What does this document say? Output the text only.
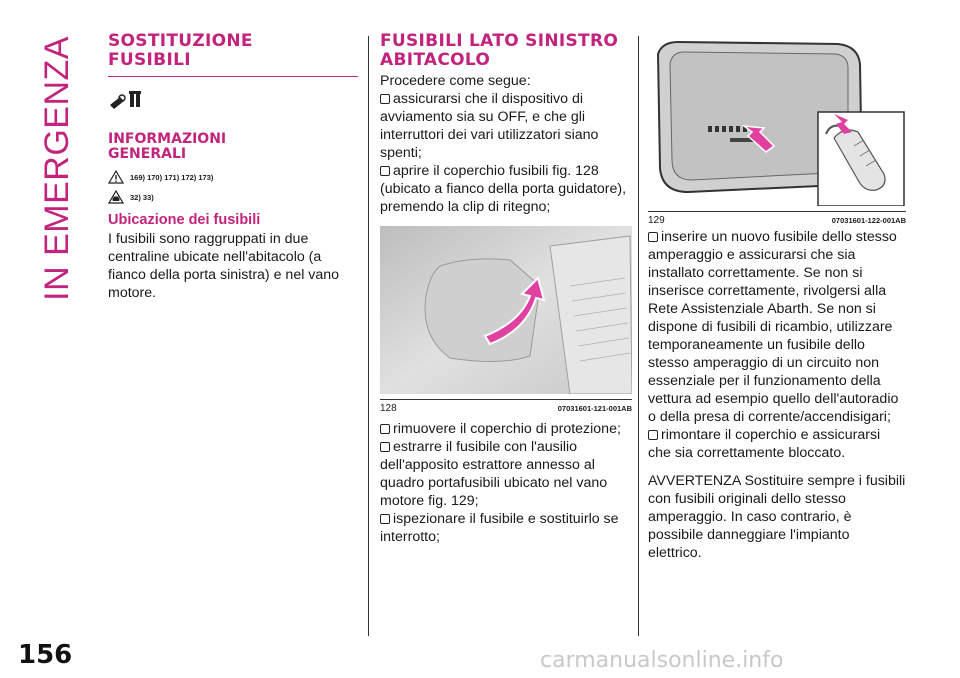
IN EMERGENZA
156	carmanualsonline.info
SOSTITUZIONE
FUSIBILI
INFORMAZIONI
GENERALI
169) 170) 171) 172) 173)
32) 33)
Ubicazione dei fusibili

I fusibili sono raggruppati in due centraline ubicate nell'abitacolo (a fianco della porta sinistra) e nel vano motore.

FUSIBILI LATO SINISTRO
ABITACOLO

Procedere come segue:

assicurarsi che il dispositivo di avviamento sia su OFF, e che gli interruttori dei vari utilizzatori siano spenti;

aprire il coperchio fusibili fig. 128 (ubicato a fianco della porta guidatore), premendo la clip di ritegno;

128	07031601-121-001AB

rimuovere il coperchio di protezione;

estrarre il fusibile con l'ausilio dell'apposito estrattore annesso al quadro portafusibili ubicato nel vano motore fig. 129;

ispezionare il fusibile e sostituirlo se interrotto;

129	07031601-122-001AB

inserire un nuovo fusibile dello stesso amperaggio e assicurarsi che sia installato correttamente. Se non si inserisce correttamente, rivolgersi alla Rete Assistenziale Abarth. Se non si dispone di fusibili di ricambio, utilizzare temporaneamente un fusibile dello stesso amperaggio di un circuito non essenziale per il funzionamento della vettura ad esempio quello dell'autoradio o della presa di corrente/accendisigari;

rimontare il coperchio e assicurarsi che sia correttamente bloccato.

AVVERTENZA Sostituire sempre i fusibili con fusibili originali dello stesso amperaggio. In caso contrario, è possibile danneggiare l'impianto elettrico.
